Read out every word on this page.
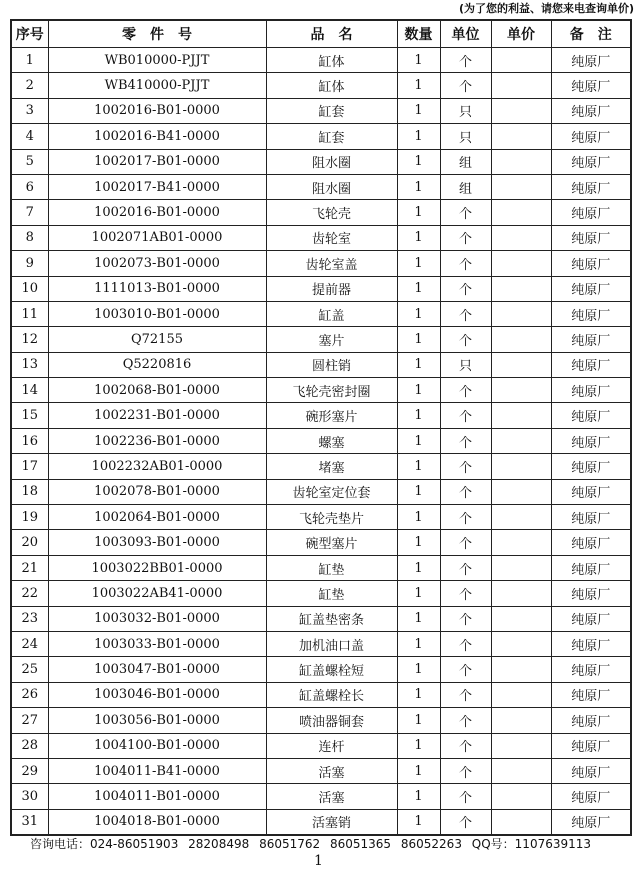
(为了您的利益、请您来电查询单价)
序号	零　件　号	品　名	数量	单位	单价	备　注
1	WB010000-PJJT	缸体	1	个		纯原厂
2	WB410000-PJJT	缸体	1	个		纯原厂
3	1002016-B01-0000	缸套	1	只		纯原厂
4	1002016-B41-0000	缸套	1	只		纯原厂
5	1002017-B01-0000	阻水圈	1	组		纯原厂
6	1002017-B41-0000	阻水圈	1	组		纯原厂
7	1002016-B01-0000	飞轮壳	1	个		纯原厂
8	1002071AB01-0000	齿轮室	1	个		纯原厂
9	1002073-B01-0000	齿轮室盖	1	个		纯原厂
10	1111013-B01-0000	提前器	1	个		纯原厂
11	1003010-B01-0000	缸盖	1	个		纯原厂
12	Q72155	塞片	1	个		纯原厂
13	Q5220816	圆柱销	1	只		纯原厂
14	1002068-B01-0000	飞轮壳密封圈	1	个		纯原厂
15	1002231-B01-0000	碗形塞片	1	个		纯原厂
16	1002236-B01-0000	螺塞	1	个		纯原厂
17	1002232AB01-0000	堵塞	1	个		纯原厂
18	1002078-B01-0000	齿轮室定位套	1	个		纯原厂
19	1002064-B01-0000	飞轮壳垫片	1	个		纯原厂
20	1003093-B01-0000	碗型塞片	1	个		纯原厂
21	1003022BB01-0000	缸垫	1	个		纯原厂
22	1003022AB41-0000	缸垫	1	个		纯原厂
23	1003032-B01-0000	缸盖垫密条	1	个		纯原厂
24	1003033-B01-0000	加机油口盖	1	个		纯原厂
25	1003047-B01-0000	缸盖螺栓短	1	个		纯原厂
26	1003046-B01-0000	缸盖螺栓长	1	个		纯原厂
27	1003056-B01-0000	喷油器铜套	1	个		纯原厂
28	1004100-B01-0000	连杆	1	个		纯原厂
29	1004011-B41-0000	活塞	1	个		纯原厂
30	1004011-B01-0000	活塞	1	个		纯原厂
31	1004018-B01-0000	活塞销	1	个		纯原厂
咨询电话：024-86051903 28208498 86051762 86051365 86052263 QQ号：1107639113
1
